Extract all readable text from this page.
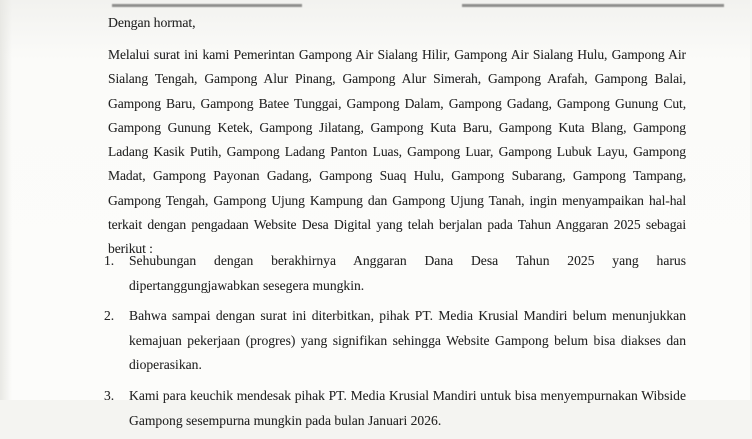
Dengan hormat,
Melalui surat ini kami Pemerintan Gampong Air Sialang Hilir, Gampong Air Sialang Hulu, Gampong Air Sialang Tengah, Gampong Alur Pinang, Gampong Alur Simerah, Gampong Arafah, Gampong Balai, Gampong Baru, Gampong Batee Tunggai, Gampong Dalam, Gampong Gadang, Gampong Gunung Cut, Gampong Gunung Ketek, Gampong Jilatang, Gampong Kuta Baru, Gampong Kuta Blang, Gampong Ladang Kasik Putih, Gampong Ladang Panton Luas, Gampong Luar, Gampong Lubuk Layu, Gampong Madat, Gampong Payonan Gadang, Gampong Suaq Hulu, Gampong Subarang, Gampong Tampang, Gampong Tengah, Gampong Ujung Kampung dan Gampong Ujung Tanah, ingin menyampaikan hal-hal terkait dengan pengadaan Website Desa Digital yang telah berjalan pada Tahun Anggaran 2025 sebagai berikut :
1. Sehubungan dengan berakhirnya Anggaran Dana Desa Tahun 2025 yang harus dipertanggungjawabkan sesegera mungkin.
2. Bahwa sampai dengan surat ini diterbitkan, pihak PT. Media Krusial Mandiri belum menunjukkan kemajuan pekerjaan (progres) yang signifikan sehingga Website Gampong belum bisa diakses dan dioperasikan.
3. Kami para keuchik mendesak pihak PT. Media Krusial Mandiri untuk bisa menyempurnakan Wibside Gampong sesempurna mungkin pada bulan Januari 2026.
